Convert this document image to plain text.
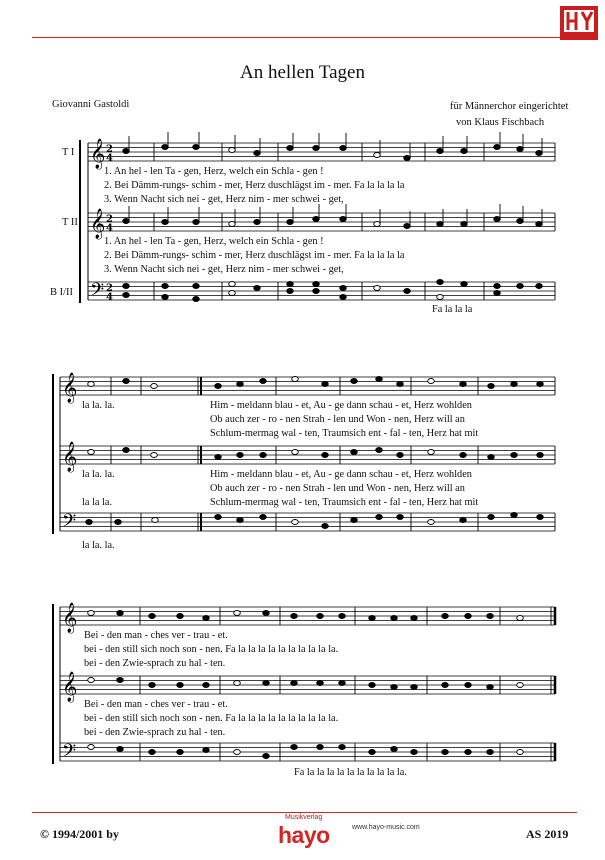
An hellen Tagen
Giovanni Gastoldi	für Männerchor eingerichtet
von Klaus Fischbach
𝄞
𝄞
𝄢
2
4
2
4
2
4
T I
T II
B I/II
1. An hel - len Ta - gen, Herz, welch ein Schla - gen !
2. Bei Dämm-rungs- schim - mer, Herz duschlägst im - mer. Fa la la la la
3. Wenn Nacht sich nei - get, Herz nim - mer schwei - get,
1. An hel - len Ta - gen, Herz, welch ein Schla - gen !
2. Bei Dämm-rungs- schim - mer, Herz duschlägst im - mer. Fa la la la la
3. Wenn Nacht sich nei - get, Herz nim - mer schwei - get,
Fa la la la
𝄞
𝄞
𝄢
la la. la.	Him - meldann blau - et, Au - ge dann schau - et, Herz wohlden
Ob auch zer - ro - nen Strah - len und Won - nen, Herz will an
Schlum-mermag wal - ten, Traumsich ent - fal - ten, Herz hat mit
la la. la.	Him - meldann blau - et, Au - ge dann schau - et, Herz wohlden
Ob auch zer - ro - nen Strah - len und Won - nen, Herz will an
Schlum-mermag wal - ten, Traumsich ent - fal - ten, Herz hat mit
la la la.
la la. la.
𝄞
𝄞
𝄢
Bei - den man - ches ver - trau - et.
bei - den still sich noch son - nen. Fa la la la la la la la la la la.
bei - den Zwie-sprach zu hal - ten.
Bei - den man - ches ver - trau - et.
bei - den still sich noch son - nen. Fa la la la la la la la la la la.
bei - den Zwie-sprach zu hal - ten.
Fa la la la la la la la la la la.
© 1994/2001 by
Musikverlag
hayo	www.hayo-music.com	AS 2019
